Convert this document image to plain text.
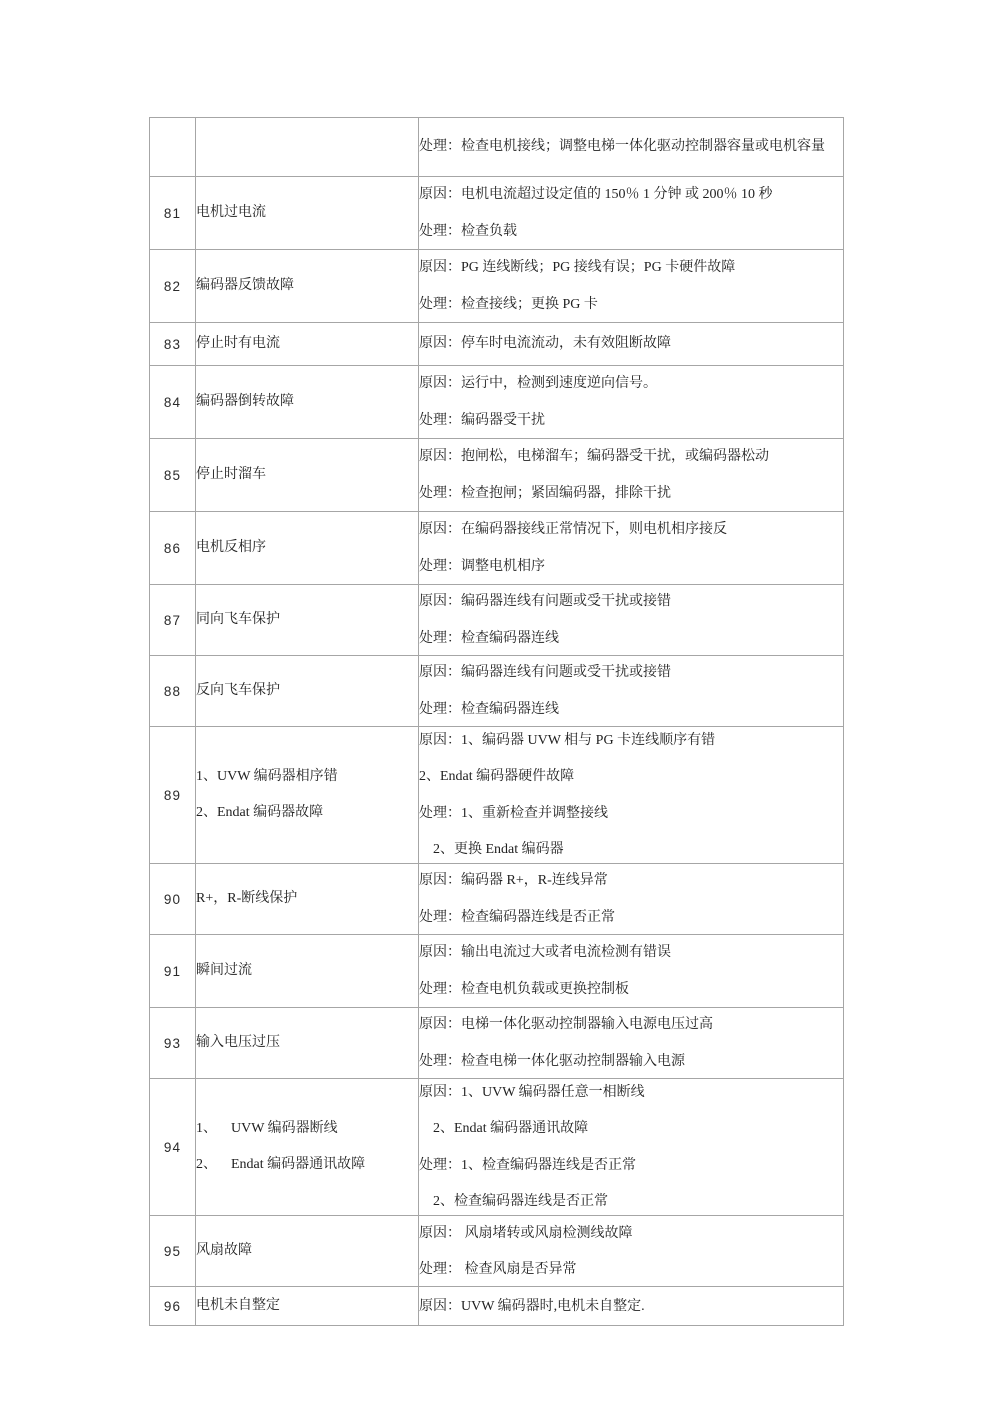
		处理：检查电机接线；调整电梯一体化驱动控制器容量或电机容量

81	电机过电流	原因：电机电流超过设定值的 150％ 1 分钟 或 200％ 10 秒
处理：检查负载

82	编码器反馈故障	原因：PG 连线断线；PG 接线有误；PG 卡硬件故障
处理：检查接线；更换 PG 卡

83	停止时有电流	原因：停车时电流流动，未有效阻断故障

84	编码器倒转故障	原因：运行中，检测到速度逆向信号。
处理：编码器受干扰

85	停止时溜车	原因：抱闸松，电梯溜车；编码器受干扰，或编码器松动
处理：检查抱闸；紧固编码器，排除干扰

86	电机反相序	原因：在编码器接线正常情况下，则电机相序接反
处理：调整电机相序

87	同向飞车保护	原因：编码器连线有问题或受干扰或接错
处理：检查编码器连线

88	反向飞车保护	原因：编码器连线有问题或受干扰或接错
处理：检查编码器连线

89	1、UVW 编码器相序错
2、Endat 编码器故障	原因：1、编码器 UVW 相与 PG 卡连线顺序有错
2、Endat 编码器硬件故障
处理：1、重新检查并调整接线
2、更换 Endat 编码器

90	R+，R-断线保护	原因：编码器 R+，R-连线异常
处理：检查编码器连线是否正常

91	瞬间过流	原因：输出电流过大或者电流检测有错误
处理：检查电机负载或更换控制板

93	输入电压过压	原因：电梯一体化驱动控制器输入电源电压过高
处理：检查电梯一体化驱动控制器输入电源

94	1、    UVW 编码器断线
2、    Endat 编码器通讯故障	原因：1、UVW 编码器任意一相断线
2、Endat 编码器通讯故障
处理：1、检查编码器连线是否正常
2、检查编码器连线是否正常

95	风扇故障	原因： 风扇堵转或风扇检测线故障
处理： 检查风扇是否异常

96	电机未自整定	原因：UVW 编码器时,电机未自整定.
